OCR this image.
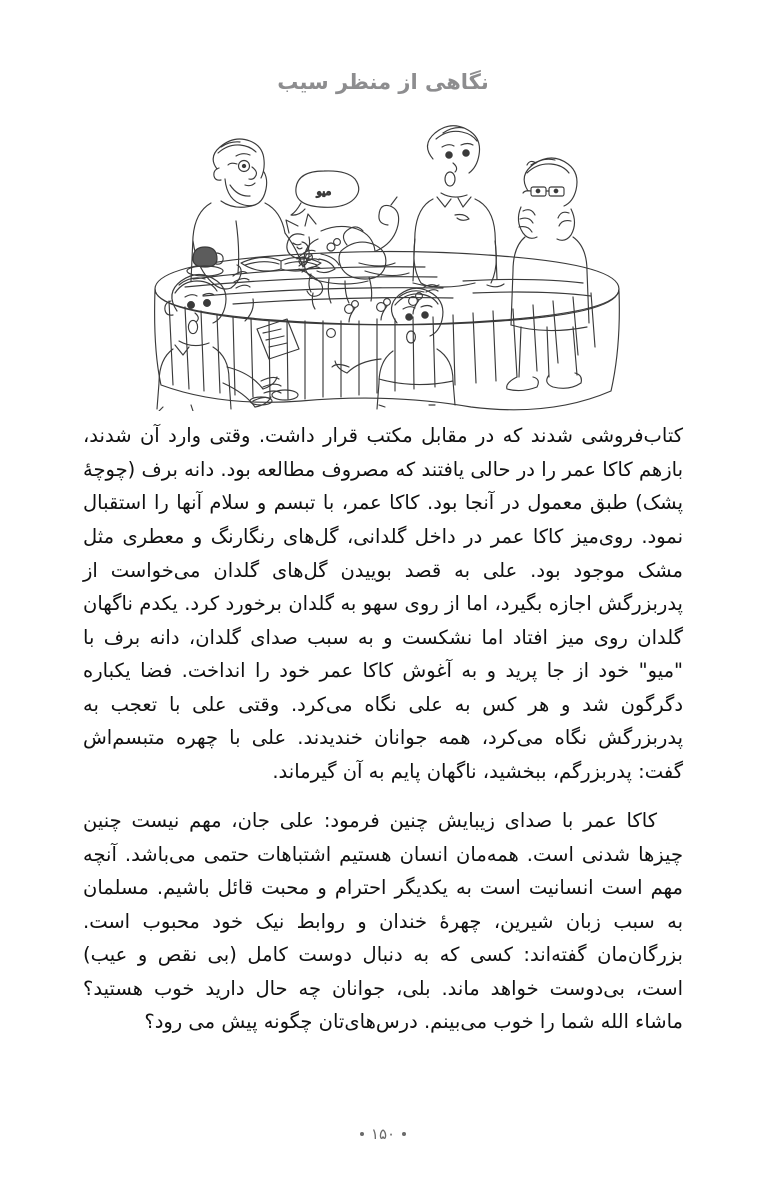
نگاهی از منظر سیب
میو

کتاب‌فروشی شدند که در مقابل مکتب قرار داشت. وقتی وارد آن شدند، بازهم کاکا عمر را در حالی یافتند که مصروف مطالعه بود. دانه برف (چوچهٔ پشک) طبق معمول در آنجا بود. کاکا عمر، با تبسم و سلام آنها را استقبال نمود. روی‌میز کاکا عمر در داخل گلدانی، گل‌های رنگارنگ و معطری مثل مشک موجود بود. علی به قصد بوییدن گل‌های گلدان می‌خواست از پدربزرگش اجازه بگیرد، اما از روی سهو به گلدان برخورد کرد. یکدم ناگهان گلدان روی میز افتاد اما نشکست و به سبب صدای گلدان، دانه برف با "میو" خود از جا پرید و به آغوش کاکا عمر خود را انداخت. فضا یکباره دگرگون شد و هر کس به علی نگاه می‌کرد. وقتی علی با تعجب به پدربزرگش نگاه می‌کرد، همه جوانان خندیدند. علی با چهره متبسم‌اش گفت: پدربزرگم، ببخشید، ناگهان پایم به آن گیرماند.

کاکا عمر با صدای زیبایش چنین فرمود: علی جان، مهم نیست چنین چیزها شدنی است. همه‌مان انسان هستیم اشتباهات حتمی می‌باشد. آنچه مهم است انسانیت است به یکدیگر احترام و محبت قائل باشیم. مسلمان به سبب زبان شیرین، چهرهٔ خندان و روابط نیک خود محبوب است. بزرگان‌مان گفته‌اند: کسی که به دنبال دوست کامل (بی نقص و عیب) است، بی‌دوست خواهد ماند. بلی، جوانان چه حال دارید خوب هستید؟ ماشاء الله شما را خوب می‌بینم. درس‌های‌تان چگونه پیش می رود؟

۱۵۰
